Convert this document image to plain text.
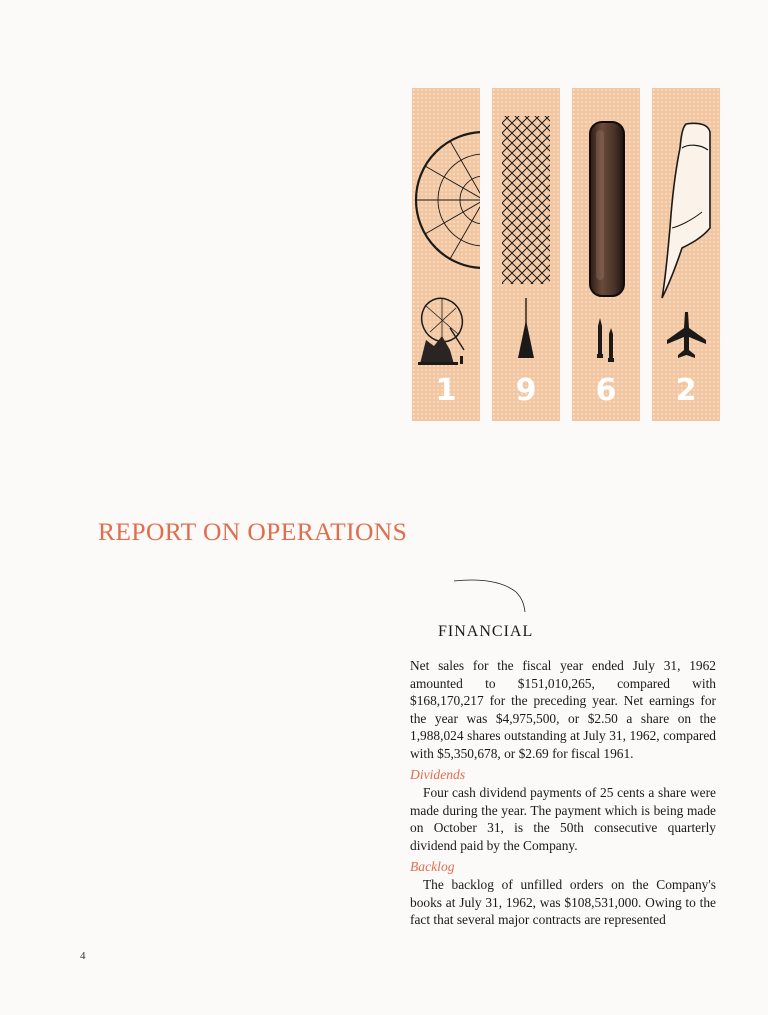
1	9	6	2
REPORT ON OPERATIONS
FINANCIAL

Net sales for the fiscal year ended July 31, 1962 amounted to $151,010,265, compared with $168,170,217 for the preceding year. Net earnings for the year was $4,975,500, or $2.50 a share on the 1,988,024 shares outstanding at July 31, 1962, compared with $5,350,678, or $2.69 for fiscal 1961.

Dividends

Four cash dividend payments of 25 cents a share were made during the year. The payment which is being made on October 31, is the 50th consecutive quarterly dividend paid by the Company.

Backlog

The backlog of unfilled orders on the Company's books at July 31, 1962, was $108,531,000. Owing to the fact that several major contracts are represented

4
